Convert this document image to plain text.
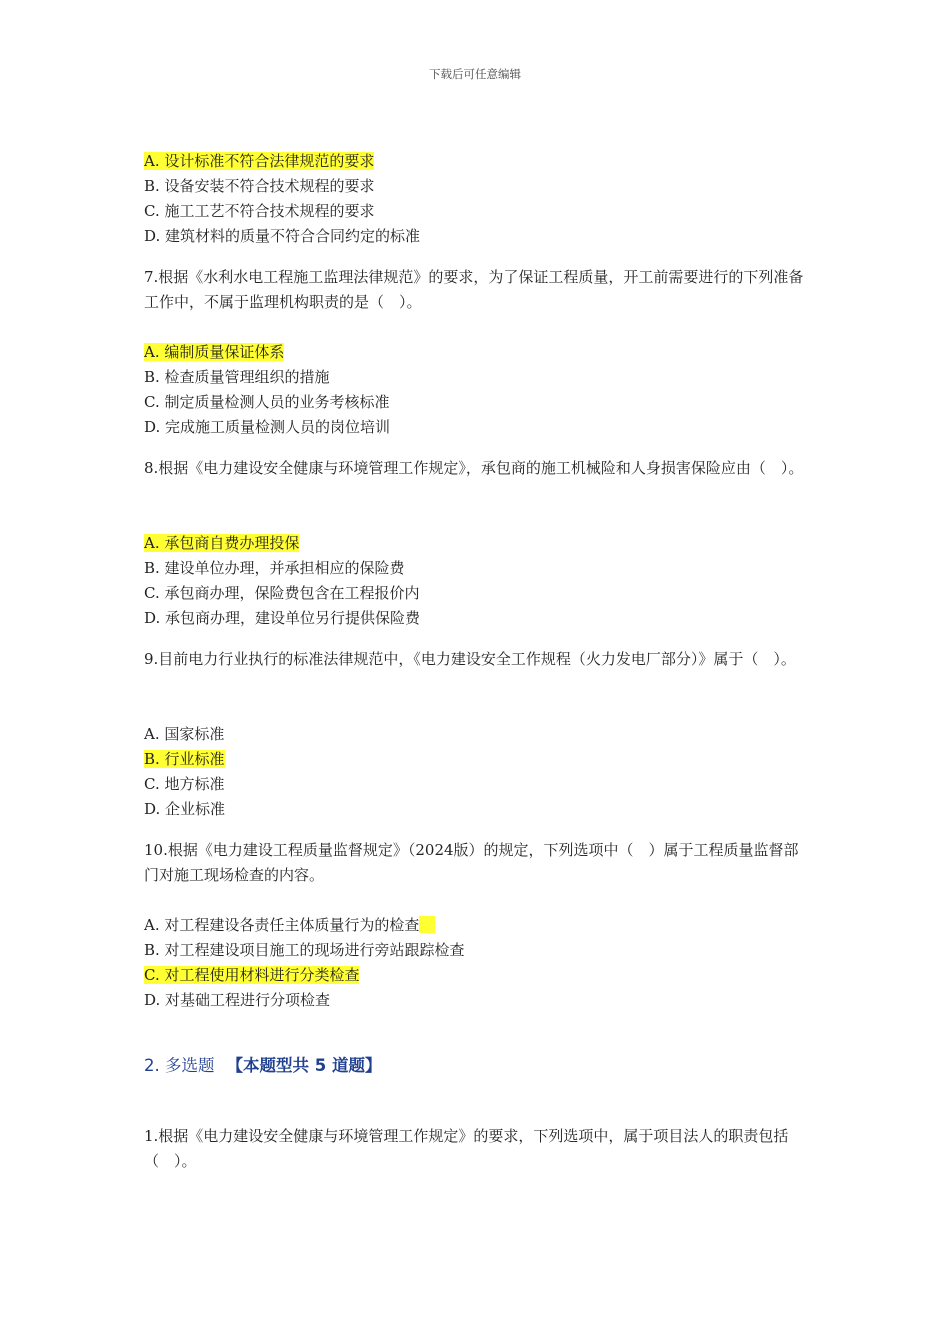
下载后可任意编辑
A. 设计标准不符合法律规范的要求
B. 设备安装不符合技术规程的要求
C. 施工工艺不符合技术规程的要求
D. 建筑材料的质量不符合合同约定的标准
7.根据《水利水电工程施工监理法律规范》的要求，为了保证工程质量，开工前需要进行的下列准备工作中，不属于监理机构职责的是（　）。
A. 编制质量保证体系
B. 检查质量管理组织的措施
C. 制定质量检测人员的业务考核标准
D. 完成施工质量检测人员的岗位培训
8.根据《电力建设安全健康与环境管理工作规定》，承包商的施工机械险和人身损害保险应由（　）。
A. 承包商自费办理投保
B. 建设单位办理，并承担相应的保险费
C. 承包商办理，保险费包含在工程报价内
D. 承包商办理，建设单位另行提供保险费
9.目前电力行业执行的标准法律规范中，《电力建设安全工作规程（火力发电厂部分）》属于（　）。
A. 国家标准
B. 行业标准
C. 地方标准
D. 企业标准
10.根据《电力建设工程质量监督规定》（2024版）的规定，下列选项中（　）属于工程质量监督部门对施工现场检查的内容。
A. 对工程建设各责任主体质量行为的检查
B. 对工程建设项目施工的现场进行旁站跟踪检查
C. 对工程使用材料进行分类检查
D. 对基础工程进行分项检查
2. 多选题 【本题型共 5 道题】
1.根据《电力建设安全健康与环境管理工作规定》的要求，下列选项中，属于项目法人的职责包括（　）。
